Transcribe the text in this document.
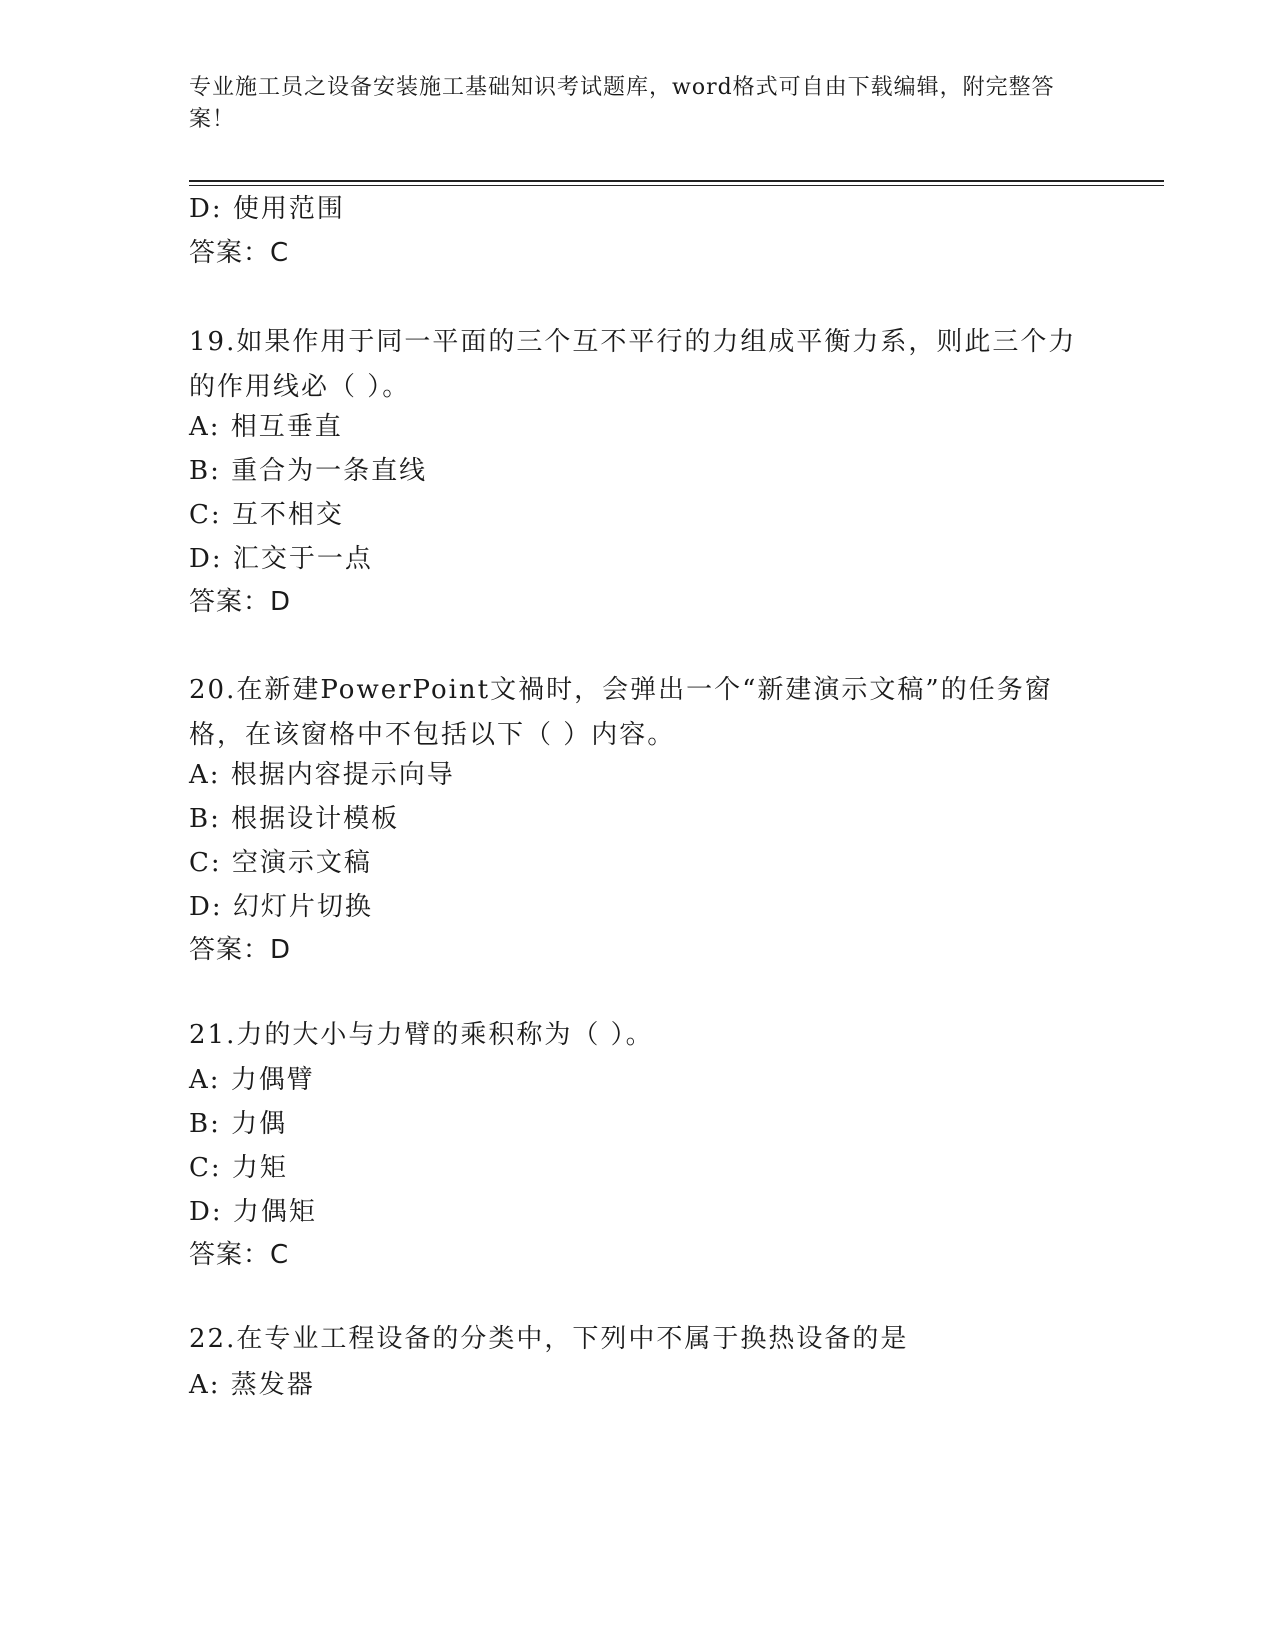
专业施工员之设备安装施工基础知识考试题库，word格式可自由下载编辑，附完整答案！
D: 使用范围
答案：C
19.如果作用于同一平面的三个互不平行的力组成平衡力系，则此三个力的作用线必（ ）。
A: 相互垂直
B: 重合为一条直线
C: 互不相交
D: 汇交于一点
答案：D
20.在新建PowerPoint文禍时，会弹出一个“新建演示文稿”的任务窗格，在该窗格中不包括以下（ ）内容。
A: 根据内容提示向导
B: 根据设计模板
C: 空演示文稿
D: 幻灯片切换
答案：D
21.力的大小与力臂的乘积称为（ ）。
A: 力偶臂
B: 力偶
C: 力矩
D: 力偶矩
答案：C
22.在专业工程设备的分类中，下列中不属于换热设备的是
A: 蒸发器
